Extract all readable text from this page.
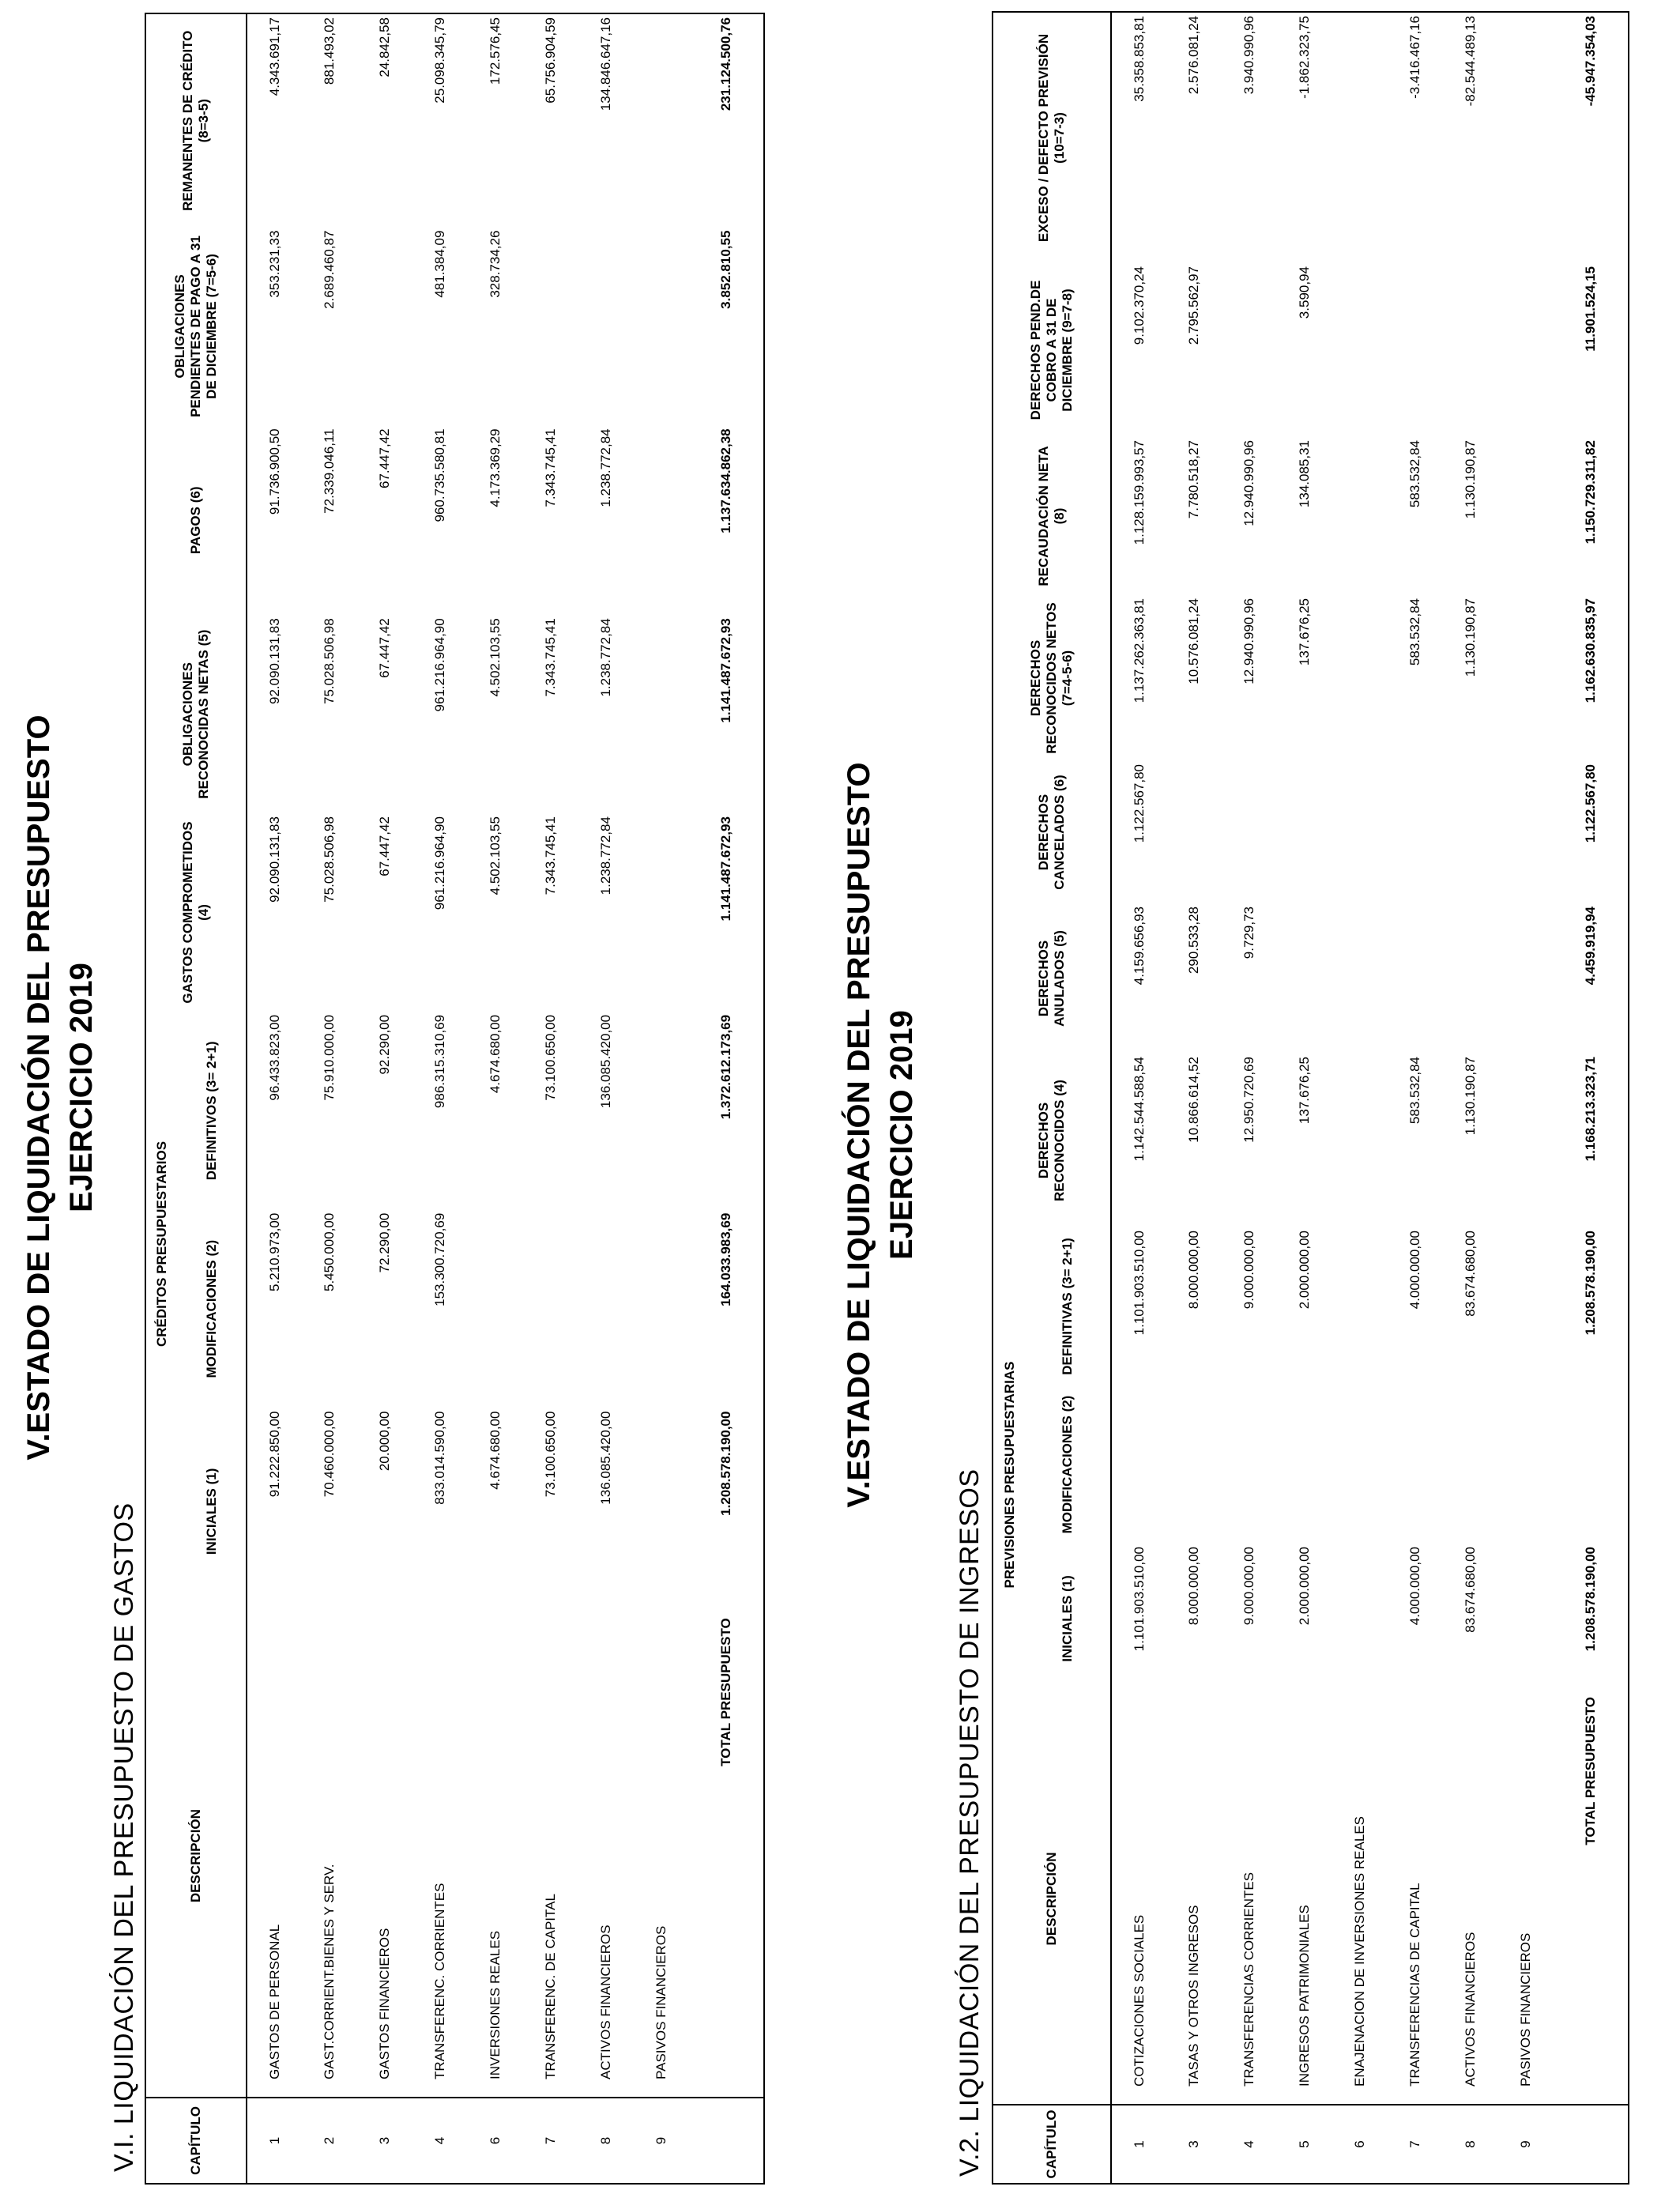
V.ESTADO DE LIQUIDACIÓN DEL PRESUPUESTO EJERCICIO 2019
V.I. LIQUIDACIÓN DEL PRESUPUESTO DE GASTOS	CAPÍTULO	DESCRIPCIÓN	INICIALES (1)	MODIFICACIONES (2)	DEFINITIVOS (3= 2+1)	GASTOS COMPROMETIDOS (4)	OBLIGACIONES RECONOCIDAS NETAS (5)	PAGOS (6)	OBLIGACIONES PENDIENTES DE PAGO A 31 DE DICIEMBRE (7=5-6)	REMANENTES DE CRÉDITO (8=3-5)
1	GASTOS DE PERSONAL	91.222.850,00	5.210.973,00	96.433.823,00	92.090.131,83	92.090.131,83	91.736.900,50	353.231,33	4.343.691,17
2	GAST.CORRIENT.BIENES Y SERV.	70.460.000,00	5.450.000,00	75.910.000,00	75.028.506,98	75.028.506,98	72.339.046,11	2.689.460,87	881.493,02
3	GASTOS FINANCIEROS	20.000,00	72.290,00	92.290,00	67.447,42	67.447,42	67.447,42		24.842,58
4	TRANSFERENC. CORRIENTES	833.014.590,00	153.300.720,69	986.315.310,69	961.216.964,90	961.216.964,90	960.735.580,81	481.384,09	25.098.345,79
6	INVERSIONES REALES	4.674.680,00		4.674.680,00	4.502.103,55	4.502.103,55	4.173.369,29	328.734,26	172.576,45
7	TRANSFERENC. DE CAPITAL	73.100.650,00		73.100.650,00	7.343.745,41	7.343.745,41	7.343.745,41		65.756.904,59
8	ACTIVOS FINANCIEROS	136.085.420,00		136.085.420,00	1.238.772,84	1.238.772,84	1.238.772,84		134.846.647,16
9	PASIVOS FINANCIEROS								
	TOTAL PRESUPUESTO	1.208.578.190,00	164.033.983,69	1.372.612.173,69	1.141.487.672,93	1.141.487.672,93	1.137.634.862,38	3.852.810,55	231.124.500,76
CRÉDITOS PRESUPUESTARIOS	V.ESTADO DE LIQUIDACIÓN DEL PRESUPUESTO EJERCICIO 2019
V.2. LIQUIDACIÓN DEL PRESUPUESTO DE INGRESOS	CAPÍTULO	DESCRIPCIÓN	INICIALES (1)	MODIFICACIONES (2)	DEFINITIVAS (3= 2+1)	DERECHOS RECONOCIDOS (4)	DERECHOS ANULADOS (5)	DERECHOS CANCELADOS (6)	DERECHOS RECONOCIDOS NETOS (7=4-5-6)	RECAUDACIÓN NETA (8)	DERECHOS PEND.DE COBRO A 31 DE DICIEMBRE (9=7-8)	EXCESO / DEFECTO PREVISIÓN (10=7-3)
1	COTIZACIONES SOCIALES	1.101.903.510,00		1.101.903.510,00	1.142.544.588,54	4.159.656,93	1.122.567,80	1.137.262.363,81	1.128.159.993,57	9.102.370,24	35.358.853,81
3	TASAS Y OTROS INGRESOS	8.000.000,00		8.000.000,00	10.866.614,52	290.533,28		10.576.081,24	7.780.518,27	2.795.562,97	2.576.081,24
4	TRANSFERENCIAS CORRIENTES	9.000.000,00		9.000.000,00	12.950.720,69	9.729,73		12.940.990,96	12.940.990,96		3.940.990,96
5	INGRESOS PATRIMONIALES	2.000.000,00		2.000.000,00	137.676,25			137.676,25	134.085,31	3.590,94	-1.862.323,75
6	ENAJENACION DE INVERSIONES REALES										
7	TRANSFERENCIAS DE CAPITAL	4.000.000,00		4.000.000,00	583.532,84			583.532,84	583.532,84		-3.416.467,16
8	ACTIVOS FINANCIEROS	83.674.680,00		83.674.680,00	1.130.190,87			1.130.190,87	1.130.190,87		-82.544.489,13
9	PASIVOS FINANCIEROS										
	TOTAL PRESUPUESTO	1.208.578.190,00		1.208.578.190,00	1.168.213.323,71	4.459.919,94	1.122.567,80	1.162.630.835,97	1.150.729.311,82	11.901.524,15	-45.947.354,03
PREVISIONES PRESUPUESTARIAS
